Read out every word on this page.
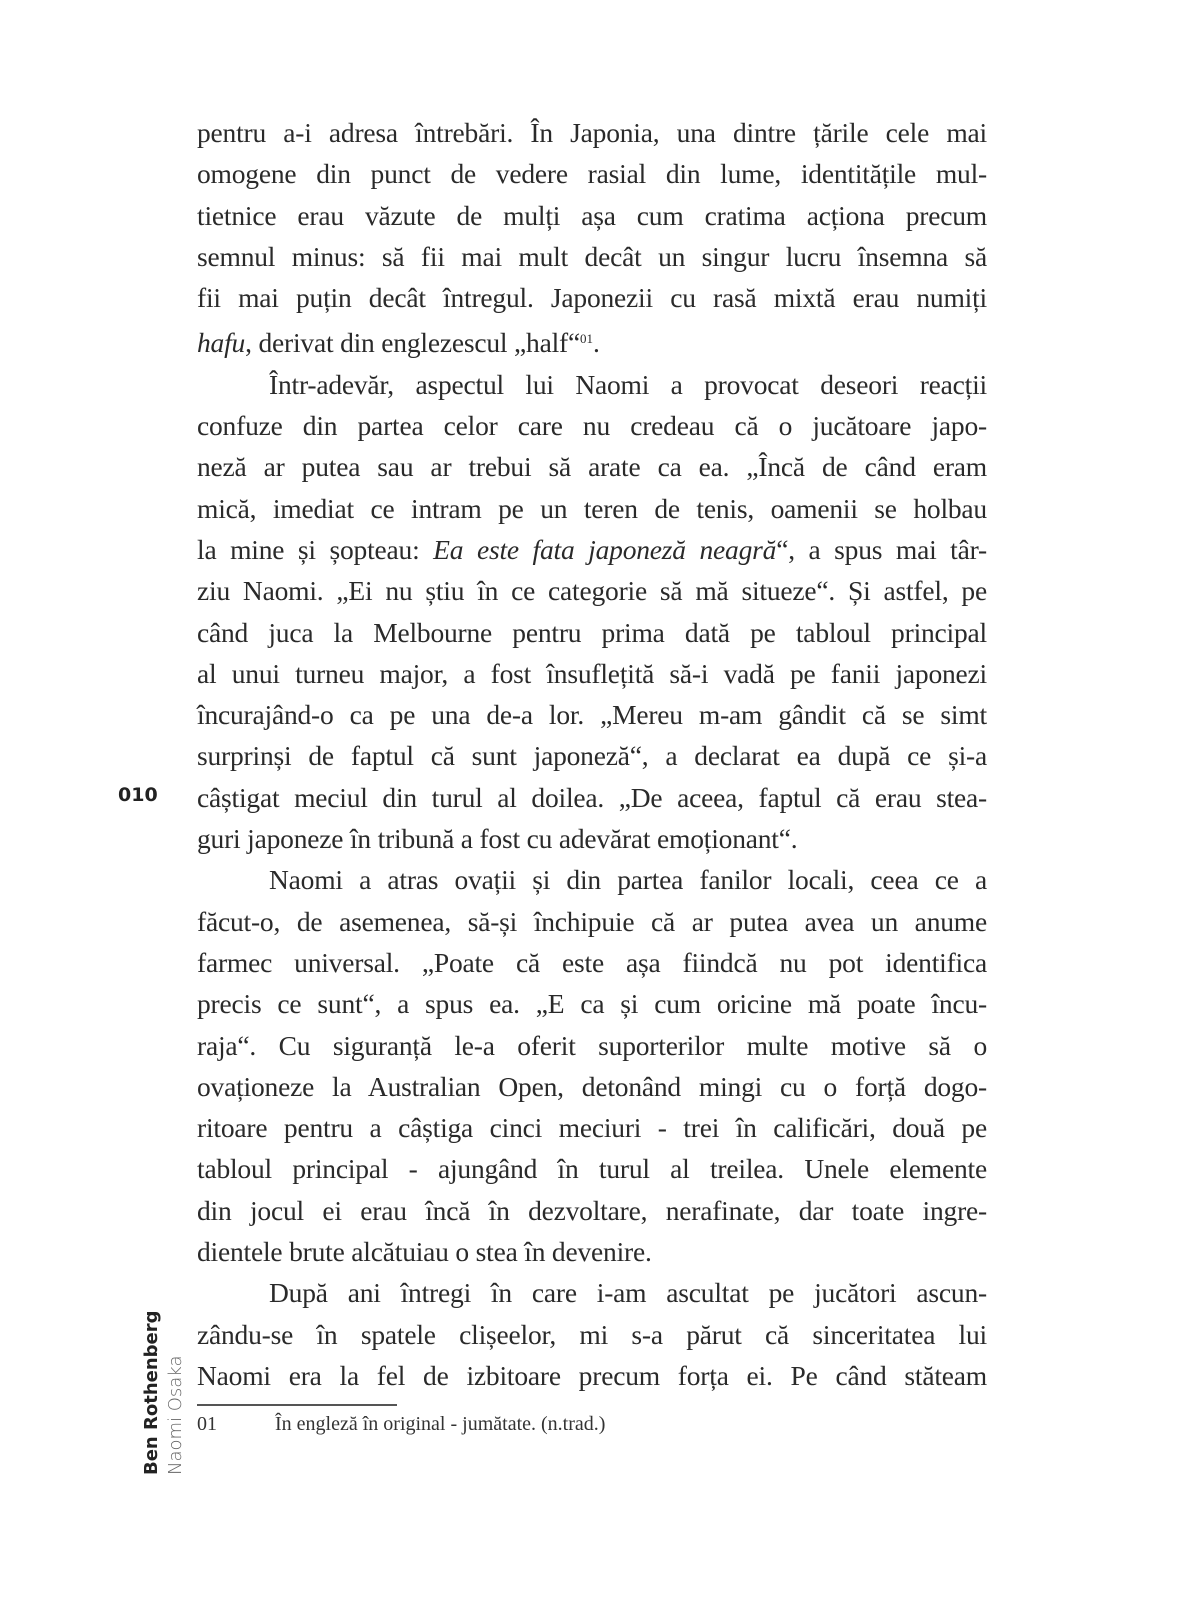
pentru a-i adresa întrebări. În Japonia, una dintre țările cele mai
omogene din punct de vedere rasial din lume, identitățile mul-
tietnice erau văzute de mulți așa cum cratima acționa precum
semnul minus: să fii mai mult decât un singur lucru însemna să
fii mai puțin decât întregul. Japonezii cu rasă mixtă erau numiți
hafu, derivat din englezescul „half“$^{01}$.
Într-adevăr, aspectul lui Naomi a provocat deseori reacții
confuze din partea celor care nu credeau că o jucătoare japo-
neză ar putea sau ar trebui să arate ca ea. „Încă de când eram
mică, imediat ce intram pe un teren de tenis, oamenii se holbau
la mine și șopteau: Ea este fata japoneză neagră“, a spus mai târ-
ziu Naomi. „Ei nu știu în ce categorie să mă situeze“. Și astfel, pe
când juca la Melbourne pentru prima dată pe tabloul principal
al unui turneu major, a fost însuflețită să-i vadă pe fanii japonezi
încurajând-o ca pe una de-a lor. „Mereu m-am gândit că se simt
surprinși de faptul că sunt japoneză“, a declarat ea după ce și-a
câștigat meciul din turul al doilea. „De aceea, faptul că erau stea-
guri japoneze în tribună a fost cu adevărat emoționant“.
Naomi a atras ovații și din partea fanilor locali, ceea ce a
făcut-o, de asemenea, să-și închipuie că ar putea avea un anume
farmec universal. „Poate că este așa fiindcă nu pot identifica
precis ce sunt“, a spus ea. „E ca și cum oricine mă poate încu-
raja“. Cu siguranță le-a oferit suporterilor multe motive să o
ovaționeze la Australian Open, detonând mingi cu o forță dogo-
ritoare pentru a câștiga cinci meciuri - trei în calificări, două pe
tabloul principal - ajungând în turul al treilea. Unele elemente
din jocul ei erau încă în dezvoltare, nerafinate, dar toate ingre-
dientele brute alcătuiau o stea în devenire.
După ani întregi în care i-am ascultat pe jucători ascun-
zându-se în spatele clișeelor, mi s-a părut că sinceritatea lui
Naomi era la fel de izbitoare precum forța ei. Pe când stăteam
010
Ben Rothenberg Naomi Osaka 01	În engleză în original - jumătate. (n.trad.)
